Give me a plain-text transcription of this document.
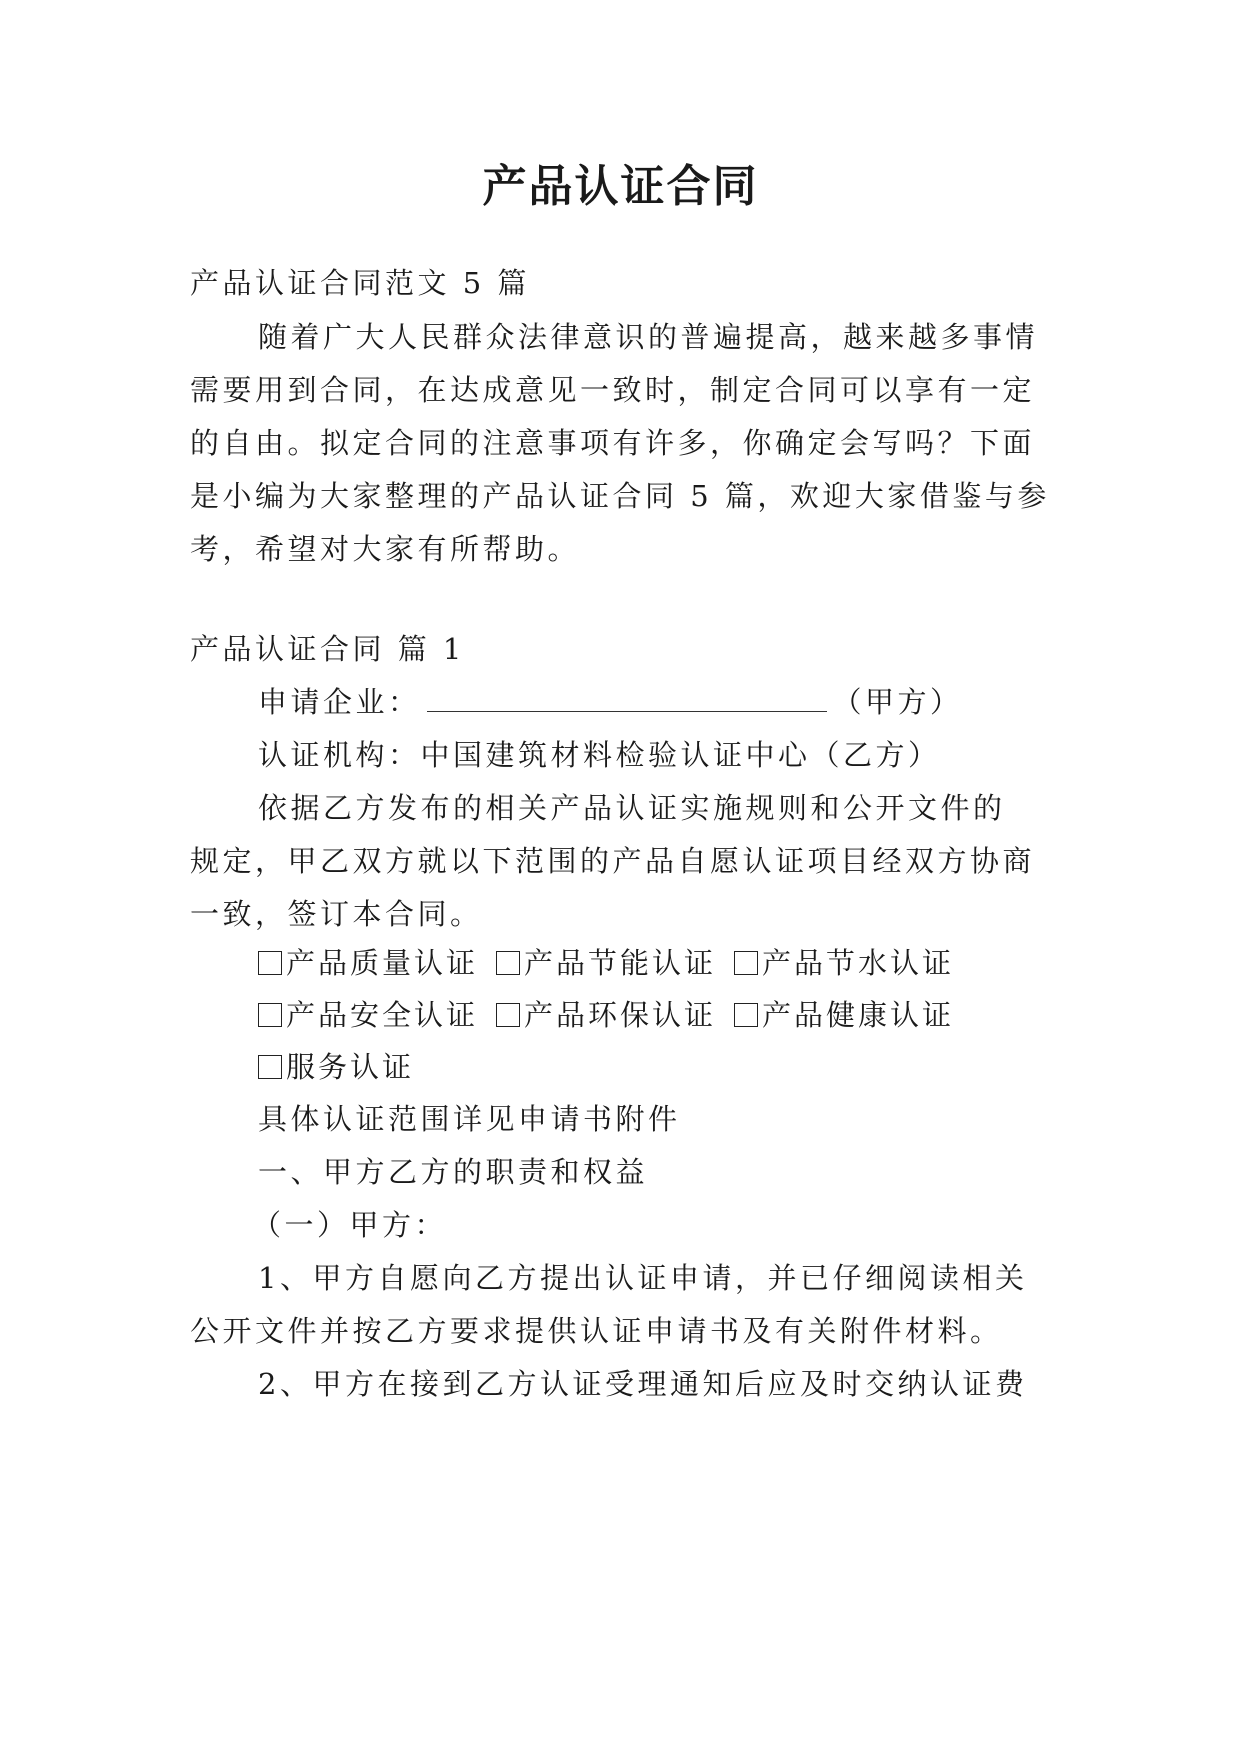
产品认证合同
产品认证合同范文 5 篇
随着广大人民群众法律意识的普遍提高，越来越多事情
需要用到合同，在达成意见一致时，制定合同可以享有一定
的自由。拟定合同的注意事项有许多，你确定会写吗？下面
是小编为大家整理的产品认证合同 5 篇，欢迎大家借鉴与参
考，希望对大家有所帮助。
产品认证合同 篇 1
申请企业：	（甲方）
认证机构：中国建筑材料检验认证中心（乙方）
依据乙方发布的相关产品认证实施规则和公开文件的
规定，甲乙双方就以下范围的产品自愿认证项目经双方协商
一致，签订本合同。
产品质量认证 产品节能认证 产品节水认证
产品安全认证 产品环保认证 产品健康认证
服务认证
具体认证范围详见申请书附件
一、甲方乙方的职责和权益
（一）甲方：
1、甲方自愿向乙方提出认证申请，并已仔细阅读相关
公开文件并按乙方要求提供认证申请书及有关附件材料。
2、甲方在接到乙方认证受理通知后应及时交纳认证费
